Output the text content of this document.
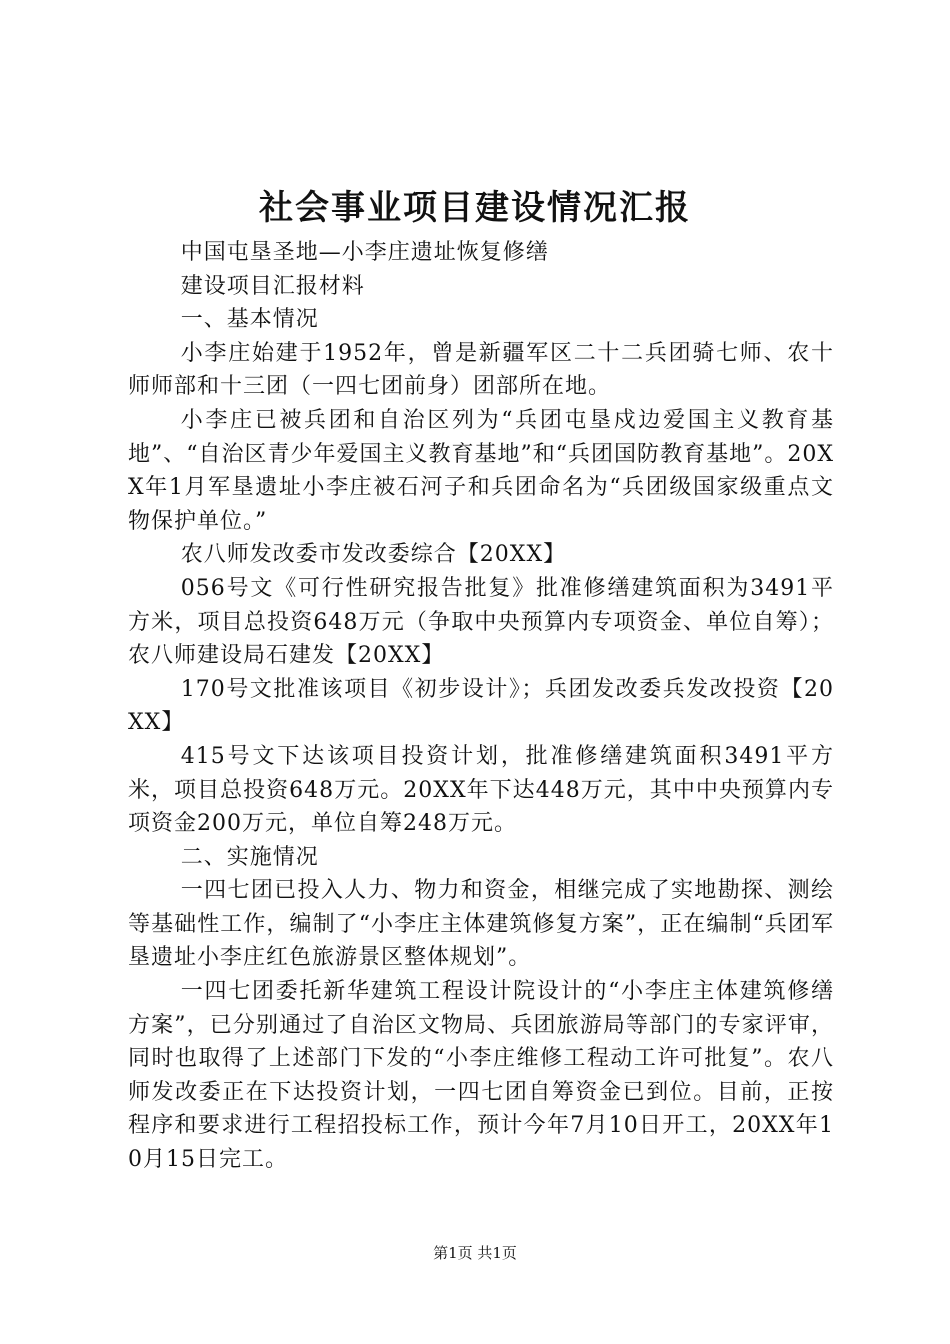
社会事业项目建设情况汇报

中国屯垦圣地—小李庄遗址恢复修缮

建设项目汇报材料

一、基本情况

小李庄始建于1952年，曾是新疆军区二十二兵团骑七师、农十师师部和十三团（一四七团前身）团部所在地。

小李庄已被兵团和自治区列为“兵团屯垦戍边爱国主义教育基地”、“自治区青少年爱国主义教育基地”和“兵团国防教育基地”。20XX年1月军垦遗址小李庄被石河子和兵团命名为“兵团级国家级重点文物保护单位。”

农八师发改委市发改委综合【20XX】

056号文《可行性研究报告批复》批准修缮建筑面积为3491平方米，项目总投资648万元（争取中央预算内专项资金、单位自筹）；农八师建设局石建发【20XX】

170号文批准该项目《初步设计》；兵团发改委兵发改投资【20XX】

415号文下达该项目投资计划，批准修缮建筑面积3491平方米，项目总投资648万元。20XX年下达448万元，其中中央预算内专项资金200万元，单位自筹248万元。

二、实施情况

一四七团已投入人力、物力和资金，相继完成了实地勘探、测绘等基础性工作，编制了“小李庄主体建筑修复方案”，正在编制“兵团军垦遗址小李庄红色旅游景区整体规划”。

一四七团委托新华建筑工程设计院设计的“小李庄主体建筑修缮方案”，已分别通过了自治区文物局、兵团旅游局等部门的专家评审，同时也取得了上述部门下发的“小李庄维修工程动工许可批复”。农八师发改委正在下达投资计划，一四七团自筹资金已到位。目前，正按程序和要求进行工程招投标工作，预计今年7月10日开工，20XX年10月15日完工。

第1页 共1页
